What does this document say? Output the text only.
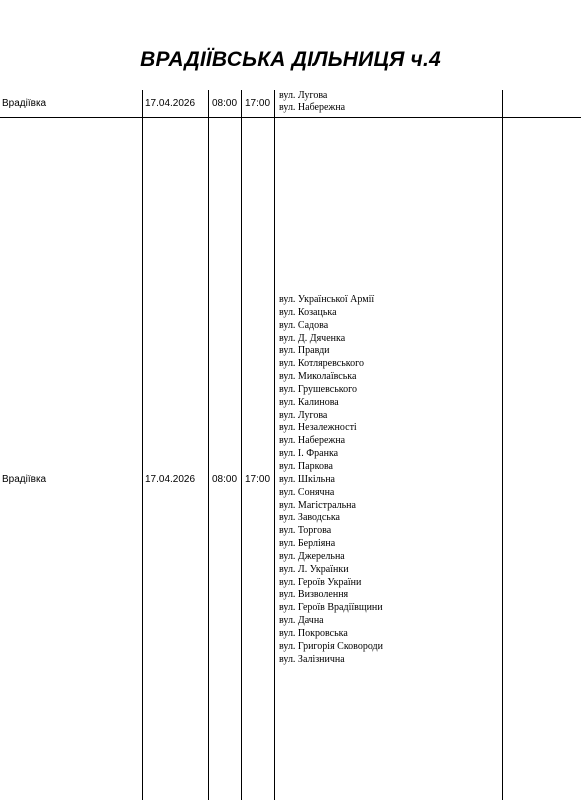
ВРАДІЇВСЬКА ДІЛЬНИЦЯ ч.4
Врадіївка	17.04.2026 08:00 17:00
вул. Лугова
вул. Набережна
Врадіївка	17.04.2026 08:00 17:00
вул. Української Армії
вул. Козацька
вул. Садова
вул. Д. Дяченка
вул. Правди
вул. Котляревського
вул. Миколаївська
вул. Грушевського
вул. Калинова
вул. Лугова
вул. Незалежності
вул. Набережна
вул. І. Франка
вул. Паркова
вул. Шкільна
вул. Сонячна
вул. Магістральна
вул. Заводська
вул. Торгова
вул. Берліяна
вул. Джерельна
вул. Л. Українки
вул. Героїв України
вул. Визволення
вул. Героїв Врадіївщини
вул. Дачна
вул. Покровська
вул. Григорія Сковороди
вул. Залізнична
